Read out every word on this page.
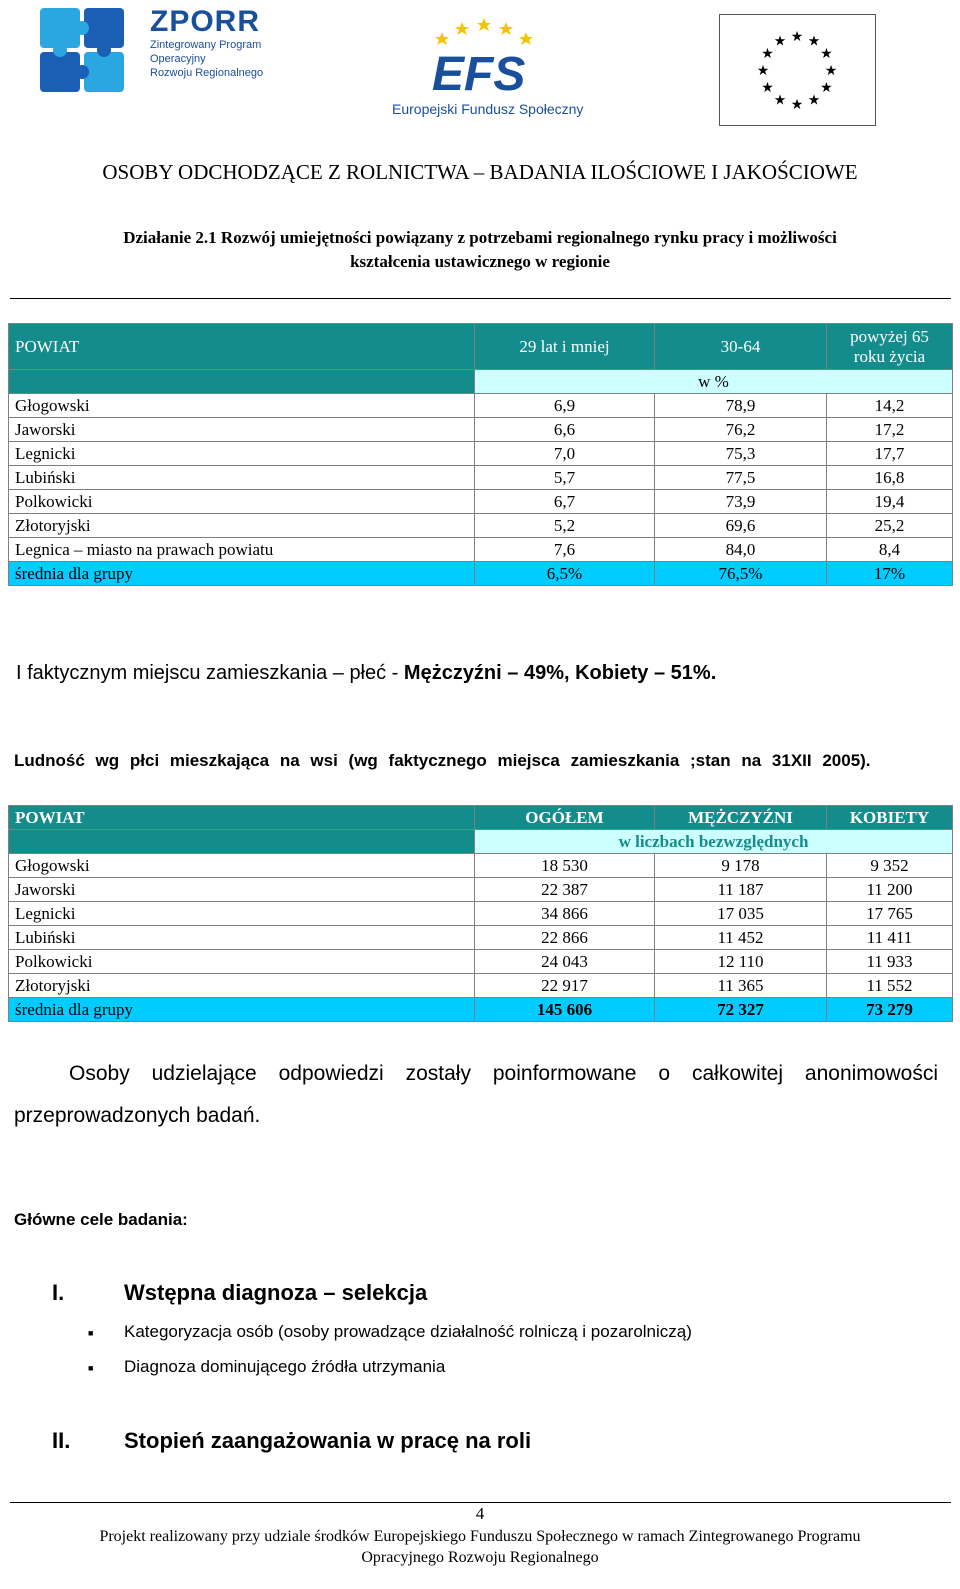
ZPORR
Zintegrowany Program
Operacyjny
Rozwoju Regionalnego	EFS
Europejski Fundusz Społeczny
★ ★
★
★
★
★
★
★
★
★
★
★
OSOBY ODCHODZĄCE Z ROLNICTWA – BADANIA ILOŚCIOWE I JAKOŚCIOWE
Działanie 2.1 Rozwój umiejętności powiązany z potrzebami regionalnego rynku pracy i możliwości
kształcenia ustawicznego w regionie
POWIAT	29 lat i mniej	30-64	powyżej 65
roku życia
	w %		
Głogowski	6,9	78,9	14,2
Jaworski	6,6	76,2	17,2
Legnicki	7,0	75,3	17,7
Lubiński	5,7	77,5	16,8
Polkowicki	6,7	73,9	19,4
Złotoryjski	5,2	69,6	25,2
Legnica – miasto na prawach powiatu	7,6	84,0	8,4
średnia dla grupy	6,5%	76,5%	17%
I faktycznym miejscu zamieszkania – płeć - Mężczyźni – 49%, Kobiety – 51%.
Ludność wg płci mieszkająca na wsi (wg faktycznego miejsca zamieszkania ;stan na 31XII 2005).
POWIAT	OGÓŁEM	MĘŻCZYŹNI	KOBIETY
	w liczbach bezwzględnych		
Głogowski	18 530	9 178	9 352
Jaworski	22 387	11 187	11 200
Legnicki	34 866	17 035	17 765
Lubiński	22 866	11 452	11 411
Polkowicki	24 043	12 110	11 933
Złotoryjski	22 917	11 365	11 552
średnia dla grupy	145 606	72 327	73 279
Osoby udzielające odpowiedzi zostały poinformowane o całkowitej anonimowości przeprowadzonych badań.
Główne cele badania:
I.	Wstępna diagnoza – selekcja
■ Kategoryzacja osób (osoby prowadzące działalność rolniczą i pozarolniczą)
■ Diagnoza dominującego źródła utrzymania
II. Stopień zaangażowania w pracę na roli
4
Projekt realizowany przy udziale środków Europejskiego Funduszu Społecznego w ramach Zintegrowanego Programu
Opracyjnego Rozwoju Regionalnego
